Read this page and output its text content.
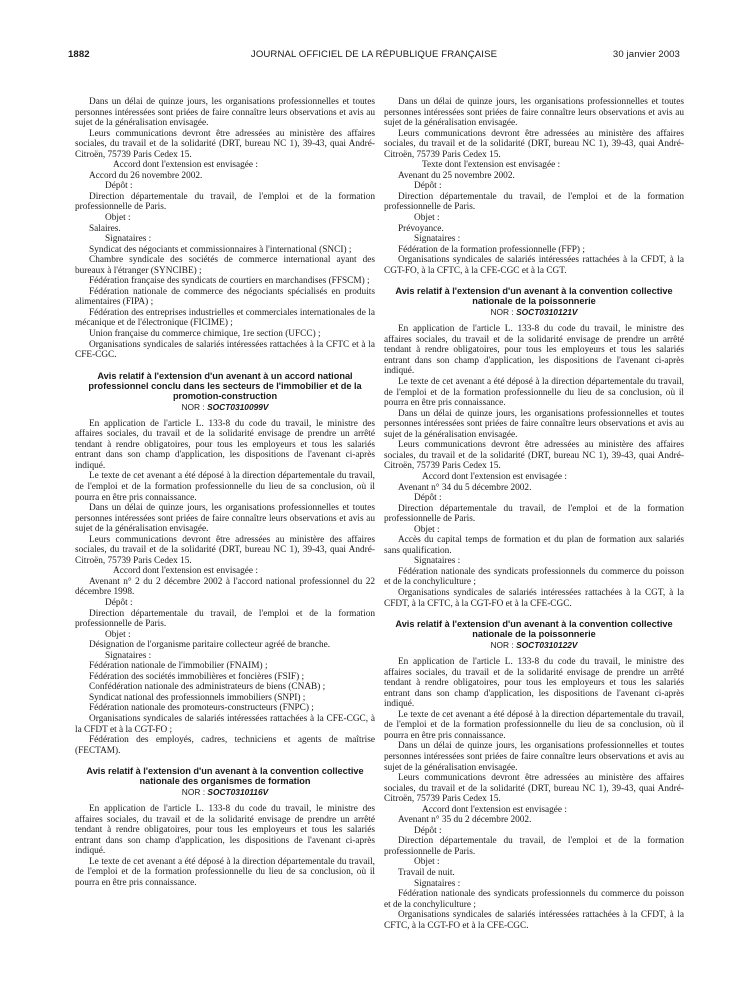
1882	JOURNAL OFFICIEL DE LA RÉPUBLIQUE FRANÇAISE	30 janvier 2003

Dans un délai de quinze jours, les organisations professionnelles et toutes personnes intéressées sont priées de faire connaître leurs observations et avis au sujet de la généralisation envisagée.

Leurs communications devront être adressées au ministère des affaires sociales, du travail et de la solidarité (DRT, bureau NC 1), 39-43, quai André-Citroën, 75739 Paris Cedex 15.

Accord dont l'extension est envisagée :

Accord du 26 novembre 2002.

Dépôt :

Direction départementale du travail, de l'emploi et de la formation professionnelle de Paris.

Objet :

Salaires.

Signataires :

Syndicat des négociants et commissionnaires à l'international (SNCI) ;

Chambre syndicale des sociétés de commerce international ayant des bureaux à l'étranger (SYNCIBE) ;

Fédération française des syndicats de courtiers en marchandises (FFSCM) ;

Fédération nationale de commerce des négociants spécialisés en produits alimentaires (FIPA) ;

Fédération des entreprises industrielles et commerciales internationales de la mécanique et de l'électronique (FICIME) ;

Union française du commerce chimique, 1re section (UFCC) ;

Organisations syndicales de salariés intéressées rattachées à la CFTC et à la CFE-CGC.

Avis relatif à l'extension d'un avenant à un accord national professionnel conclu dans les secteurs de l'immobilier et de la promotion-construction
NOR : SOCT0310099V

En application de l'article L. 133-8 du code du travail, le ministre des affaires sociales, du travail et de la solidarité envisage de prendre un arrêté tendant à rendre obligatoires, pour tous les employeurs et tous les salariés entrant dans son champ d'application, les dispositions de l'avenant ci-après indiqué.

Le texte de cet avenant a été déposé à la direction départementale du travail, de l'emploi et de la formation professionnelle du lieu de sa conclusion, où il pourra en être pris connaissance.

Dans un délai de quinze jours, les organisations professionnelles et toutes personnes intéressées sont priées de faire connaître leurs observations et avis au sujet de la généralisation envisagée.

Leurs communications devront être adressées au ministère des affaires sociales, du travail et de la solidarité (DRT, bureau NC 1), 39-43, quai André-Citroën, 75739 Paris Cedex 15.

Accord dont l'extension est envisagée :

Avenant n° 2 du 2 décembre 2002 à l'accord national professionnel du 22 décembre 1998.

Dépôt :

Direction départementale du travail, de l'emploi et de la formation professionnelle de Paris.

Objet :

Désignation de l'organisme paritaire collecteur agréé de branche.

Signataires :

Fédération nationale de l'immobilier (FNAIM) ;

Fédération des sociétés immobilières et foncières (FSIF) ;

Confédération nationale des administrateurs de biens (CNAB) ;

Syndicat national des professionnels immobiliers (SNPI) ;

Fédération nationale des promoteurs-constructeurs (FNPC) ;

Organisations syndicales de salariés intéressées rattachées à la CFE-CGC, à la CFDT et à la CGT-FO ;

Fédération des employés, cadres, techniciens et agents de maîtrise (FECTAM).

Avis relatif à l'extension d'un avenant à la convention collective nationale des organismes de formation
NOR : SOCT0310116V

En application de l'article L. 133-8 du code du travail, le ministre des affaires sociales, du travail et de la solidarité envisage de prendre un arrêté tendant à rendre obligatoires, pour tous les employeurs et tous les salariés entrant dans son champ d'application, les dispositions de l'avenant ci-après indiqué.

Le texte de cet avenant a été déposé à la direction départementale du travail, de l'emploi et de la formation professionnelle du lieu de sa conclusion, où il pourra en être pris connaissance.

Dans un délai de quinze jours, les organisations professionnelles et toutes personnes intéressées sont priées de faire connaître leurs observations et avis au sujet de la généralisation envisagée.

Leurs communications devront être adressées au ministère des affaires sociales, du travail et de la solidarité (DRT, bureau NC 1), 39-43, quai André-Citroën, 75739 Paris Cedex 15.

Texte dont l'extension est envisagée :

Avenant du 25 novembre 2002.

Dépôt :

Direction départementale du travail, de l'emploi et de la formation professionnelle de Paris.

Objet :

Prévoyance.

Signataires :

Fédération de la formation professionnelle (FFP) ;

Organisations syndicales de salariés intéressées rattachées à la CFDT, à la CGT-FO, à la CFTC, à la CFE-CGC et à la CGT.

Avis relatif à l'extension d'un avenant à la convention collective nationale de la poissonnerie
NOR : SOCT0310121V

En application de l'article L. 133-8 du code du travail, le ministre des affaires sociales, du travail et de la solidarité envisage de prendre un arrêté tendant à rendre obligatoires, pour tous les employeurs et tous les salariés entrant dans son champ d'application, les dispositions de l'avenant ci-après indiqué.

Le texte de cet avenant a été déposé à la direction départementale du travail, de l'emploi et de la formation professionnelle du lieu de sa conclusion, où il pourra en être pris connaissance.

Dans un délai de quinze jours, les organisations professionnelles et toutes personnes intéressées sont priées de faire connaître leurs observations et avis au sujet de la généralisation envisagée.

Leurs communications devront être adressées au ministère des affaires sociales, du travail et de la solidarité (DRT, bureau NC 1), 39-43, quai André-Citroën, 75739 Paris Cedex 15.

Accord dont l'extension est envisagée :

Avenant n° 34 du 5 décembre 2002.

Dépôt :

Direction départementale du travail, de l'emploi et de la formation professionnelle de Paris.

Objet :

Accès du capital temps de formation et du plan de formation aux salariés sans qualification.

Signataires :

Fédération nationale des syndicats professionnels du commerce du poisson et de la conchyliculture ;

Organisations syndicales de salariés intéressées rattachées à la CGT, à la CFDT, à la CFTC, à la CGT-FO et à la CFE-CGC.

Avis relatif à l'extension d'un avenant à la convention collective nationale de la poissonnerie
NOR : SOCT0310122V

En application de l'article L. 133-8 du code du travail, le ministre des affaires sociales, du travail et de la solidarité envisage de prendre un arrêté tendant à rendre obligatoires, pour tous les employeurs et tous les salariés entrant dans son champ d'application, les dispositions de l'avenant ci-après indiqué.

Le texte de cet avenant a été déposé à la direction départementale du travail, de l'emploi et de la formation professionnelle du lieu de sa conclusion, où il pourra en être pris connaissance.

Dans un délai de quinze jours, les organisations professionnelles et toutes personnes intéressées sont priées de faire connaître leurs observations et avis au sujet de la généralisation envisagée.

Leurs communications devront être adressées au ministère des affaires sociales, du travail et de la solidarité (DRT, bureau NC 1), 39-43, quai André-Citroën, 75739 Paris Cedex 15.

Accord dont l'extension est envisagée :

Avenant n° 35 du 2 décembre 2002.

Dépôt :

Direction départementale du travail, de l'emploi et de la formation professionnelle de Paris.

Objet :

Travail de nuit.

Signataires :

Fédération nationale des syndicats professionnels du commerce du poisson et de la conchyliculture ;

Organisations syndicales de salariés intéressées rattachées à la CFDT, à la CFTC, à la CGT-FO et à la CFE-CGC.
